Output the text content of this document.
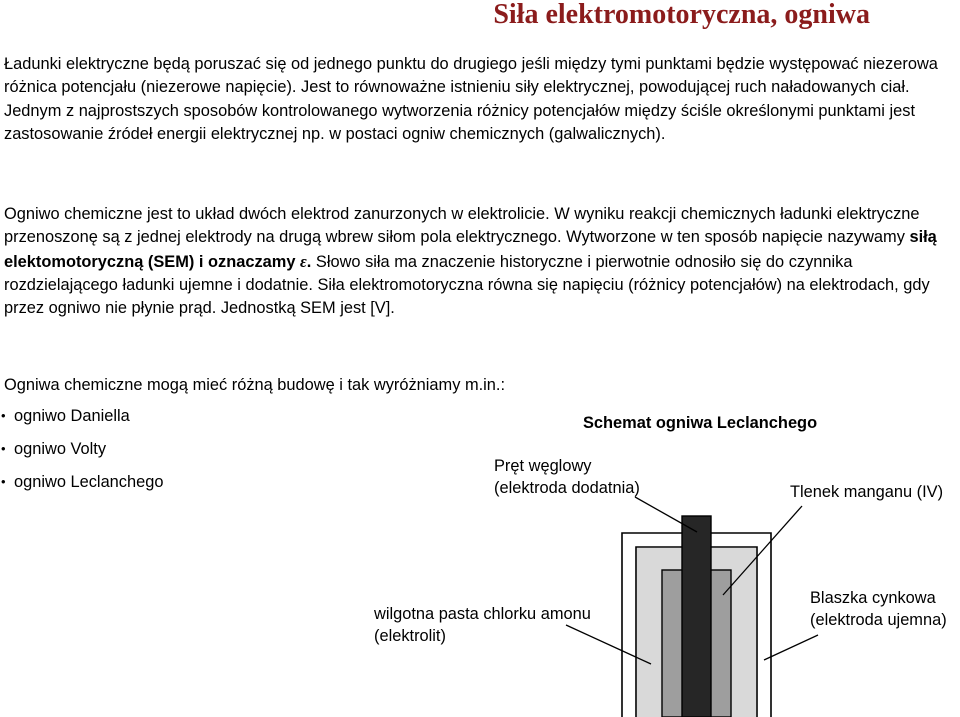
Siła elektromotoryczna, ogniwa

Ładunki elektryczne będą poruszać się od jednego punktu do drugiego jeśli między tymi punktami będzie występować niezerowa różnica potencjału (niezerowe napięcie). Jest to równoważne istnieniu siły elektrycznej, powodującej ruch naładowanych ciał. Jednym z najprostszych sposobów kontrolowanego wytworzenia różnicy potencjałów między ściśle określonymi punktami jest zastosowanie źródeł energii elektrycznej np. w postaci ogniw chemicznych (galwalicznych).

Ogniwo chemiczne jest to układ dwóch elektrod zanurzonych w elektrolicie. W wyniku reakcji chemicznych ładunki elektryczne przenoszonę są z jednej elektrody na drugą wbrew siłom pola elektrycznego. Wytworzone w ten sposób napięcie nazywamy siłą elektomotoryczną (SEM) i oznaczamy ε. Słowo siła ma znaczenie historyczne i pierwotnie odnosiło się do czynnika rozdzielającego ładunki ujemne i dodatnie. Siła elektromotoryczna równa się napięciu (różnicy potencjałów) na elektrodach, gdy przez ogniwo nie płynie prąd. Jednostką SEM jest [V].

Ogniwa chemiczne mogą mieć różną budowę i tak wyróżniamy m.in.:

• ogniwo Daniella
• ogniwo Volty
• ogniwo Leclanchego
Schemat ogniwa Leclanchego
Pręt węglowy
(elektroda dodatnia)	Tlenek manganu (IV)
Blaszka cynkowa
(elektroda ujemna)
wilgotna pasta chlorku amonu
(elektrolit)
